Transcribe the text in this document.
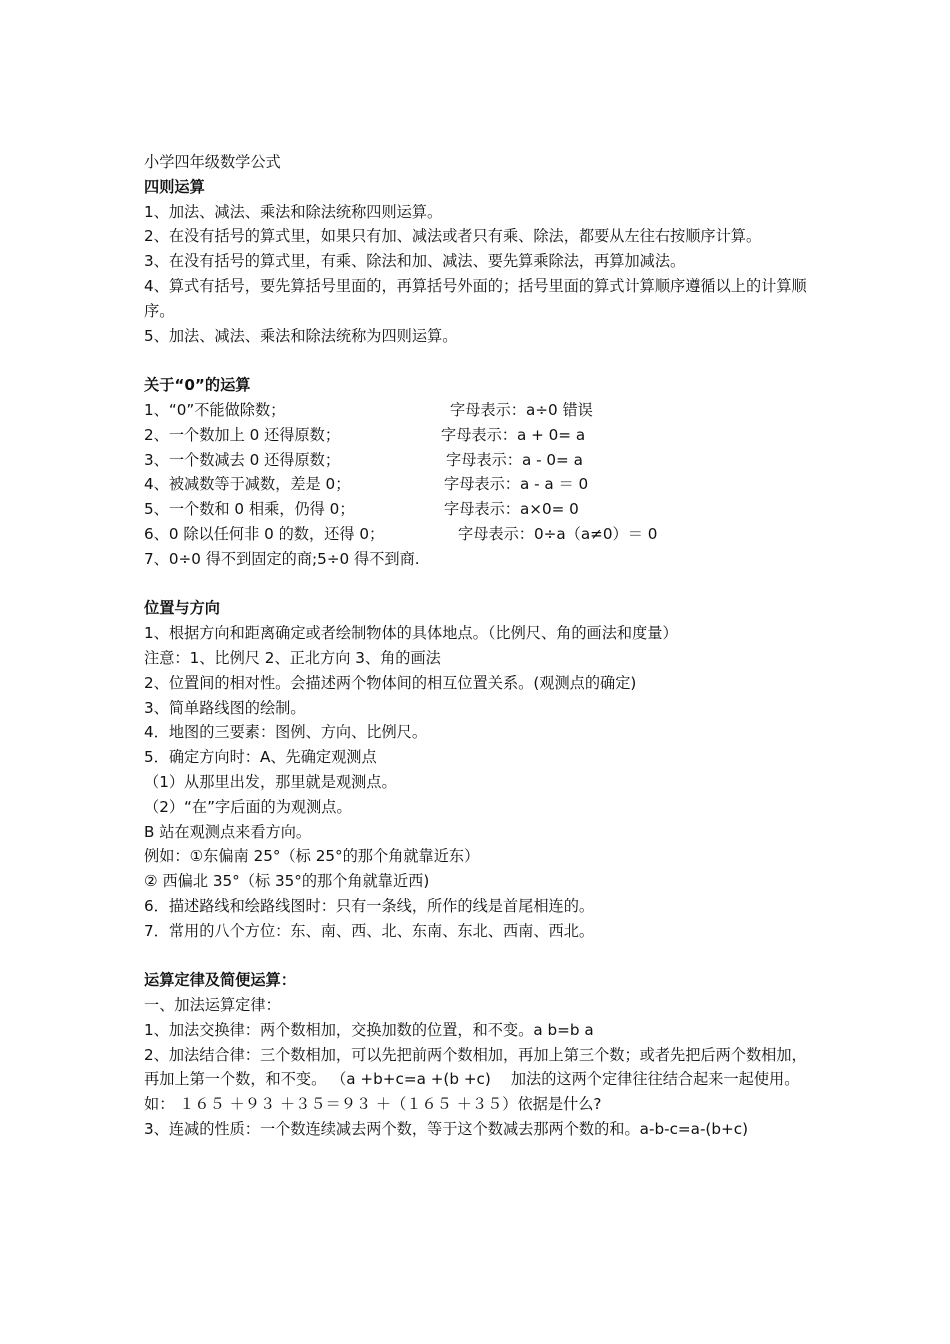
小学四年级数学公式
四则运算
1、加法、减法、乘法和除法统称四则运算。
2、在没有括号的算式里，如果只有加、减法或者只有乘、除法，都要从左往右按顺序计算。
3、在没有括号的算式里，有乘、除法和加、减法、要先算乘除法，再算加减法。
4、算式有括号，要先算括号里面的，再算括号外面的；括号里面的算式计算顺序遵循以上的计算顺序。
5、加法、减法、乘法和除法统称为四则运算。
关于“0”的运算
1、“0”不能做除数；	字母表示：a÷0 错误
2、一个数加上 0 还得原数；	字母表示：a + 0= a
3、一个数减去 0 还得原数；	字母表示：a - 0= a
4、被减数等于减数，差是 0；	字母表示：a - a ＝ 0
5、一个数和 0 相乘，仍得 0；	字母表示：a×0= 0
6、0 除以任何非 0 的数，还得 0；	字母表示：0÷a（a≠0）＝ 0
7、0÷0 得不到固定的商;5÷0 得不到商.
位置与方向
1、根据方向和距离确定或者绘制物体的具体地点。（比例尺、角的画法和度量）
注意：1、比例尺 2、正北方向 3、角的画法
2、位置间的相对性。会描述两个物体间的相互位置关系。(观测点的确定)
3、简单路线图的绘制。
4．地图的三要素：图例、方向、比例尺。
5．确定方向时：A、先确定观测点
（1）从那里出发，那里就是观测点。
（2）“在”字后面的为观测点。
B 站在观测点来看方向。
例如：①东偏南 25°（标 25°的那个角就靠近东）
② 西偏北 35°（标 35°的那个角就靠近西)
6．描述路线和绘路线图时：只有一条线，所作的线是首尾相连的。
7．常用的八个方位：东、南、西、北、东南、东北、西南、西北。
运算定律及简便运算：
一、加法运算定律：
1、加法交换律：两个数相加，交换加数的位置，和不变。a b=b a
2、加法结合律：三个数相加，可以先把前两个数相加，再加上第三个数；或者先把后两个数相加，再加上第一个数，和不变。 （a +b+c=a +(b +c) 　加法的这两个定律往往结合起来一起使用。如： １６５ ＋９３ ＋３５＝９３ ＋（１６５ ＋３５）依据是什么?
3、连减的性质：一个数连续减去两个数，等于这个数减去那两个数的和。a-b-c=a-(b+c)
